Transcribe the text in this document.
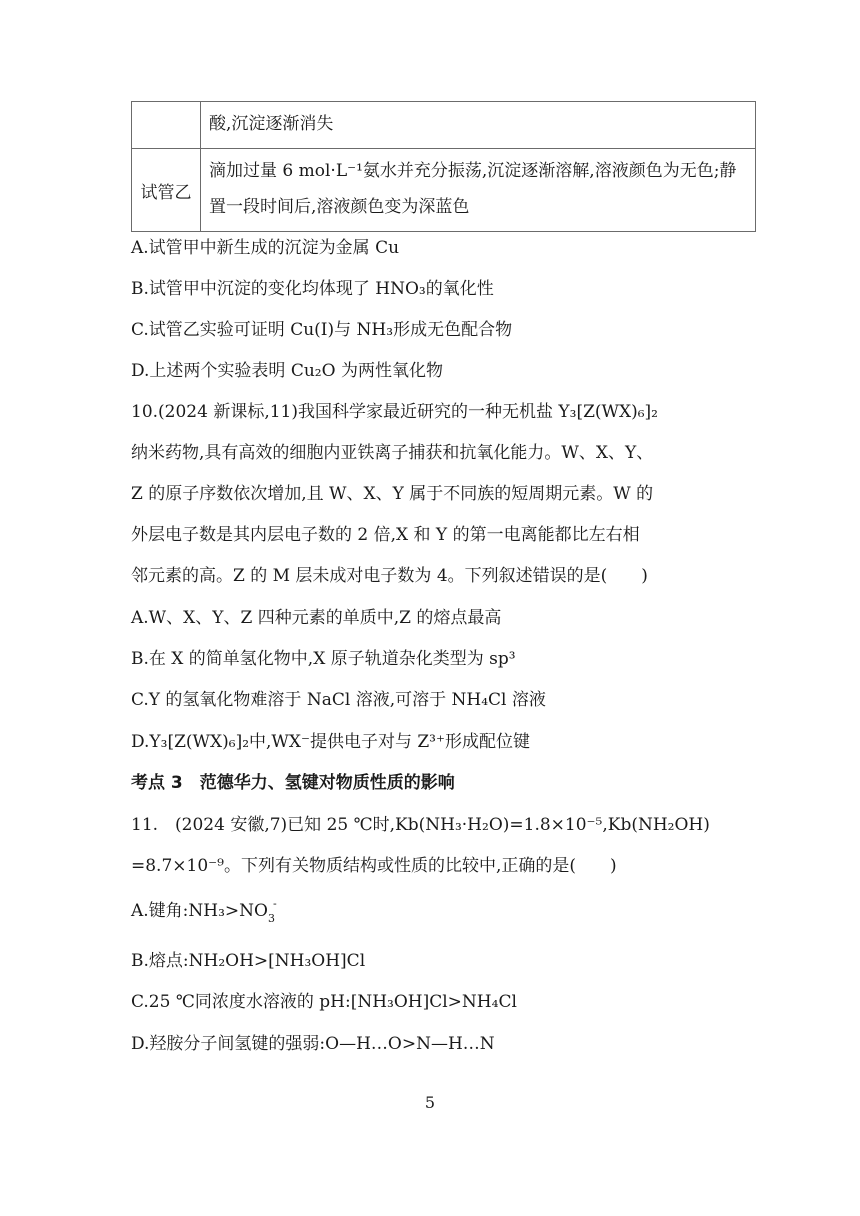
	酸,沉淀逐渐消失
试管乙	滴加过量 6 mol·L⁻¹氨水并充分振荡,沉淀逐渐溶解,溶液颜色为无色;静置一段时间后,溶液颜色变为深蓝色
A.试管甲中新生成的沉淀为金属 Cu
B.试管甲中沉淀的变化均体现了 HNO₃的氧化性
C.试管乙实验可证明 Cu(Ⅰ)与 NH₃形成无色配合物
D.上述两个实验表明 Cu₂O 为两性氧化物
10.(2024 新课标,11)我国科学家最近研究的一种无机盐 Y₃[Z(WX)₆]₂
纳米药物,具有高效的细胞内亚铁离子捕获和抗氧化能力。W、X、Y、
Z 的原子序数依次增加,且 W、X、Y 属于不同族的短周期元素。W 的
外层电子数是其内层电子数的 2 倍,X 和 Y 的第一电离能都比左右相
邻元素的高。Z 的 M 层未成对电子数为 4。下列叙述错误的是(　　)
A.W、X、Y、Z 四种元素的单质中,Z 的熔点最高
B.在 X 的简单氢化物中,X 原子轨道杂化类型为 sp³
C.Y 的氢氧化物难溶于 NaCl 溶液,可溶于 NH₄Cl 溶液
D.Y₃[Z(WX)₆]₂中,WX⁻提供电子对与 Z³⁺形成配位键
考点 3　范德华力、氢键对物质性质的影响
11.　(2024 安徽,7)已知 25 ℃时,Kb(NH₃·H₂O)=1.8×10⁻⁵,Kb(NH₂OH)
=8.7×10⁻⁹。下列有关物质结构或性质的比较中,正确的是(　　)
A.键角$:NH_3>NO_3$
-
B.熔点:NH₂OH>[NH₃OH]Cl
C.25 ℃同浓度水溶液的 pH:[NH₃OH]Cl>NH₄Cl
D.羟胺分子间氢键的强弱:O—H…O>N—H…N
5
